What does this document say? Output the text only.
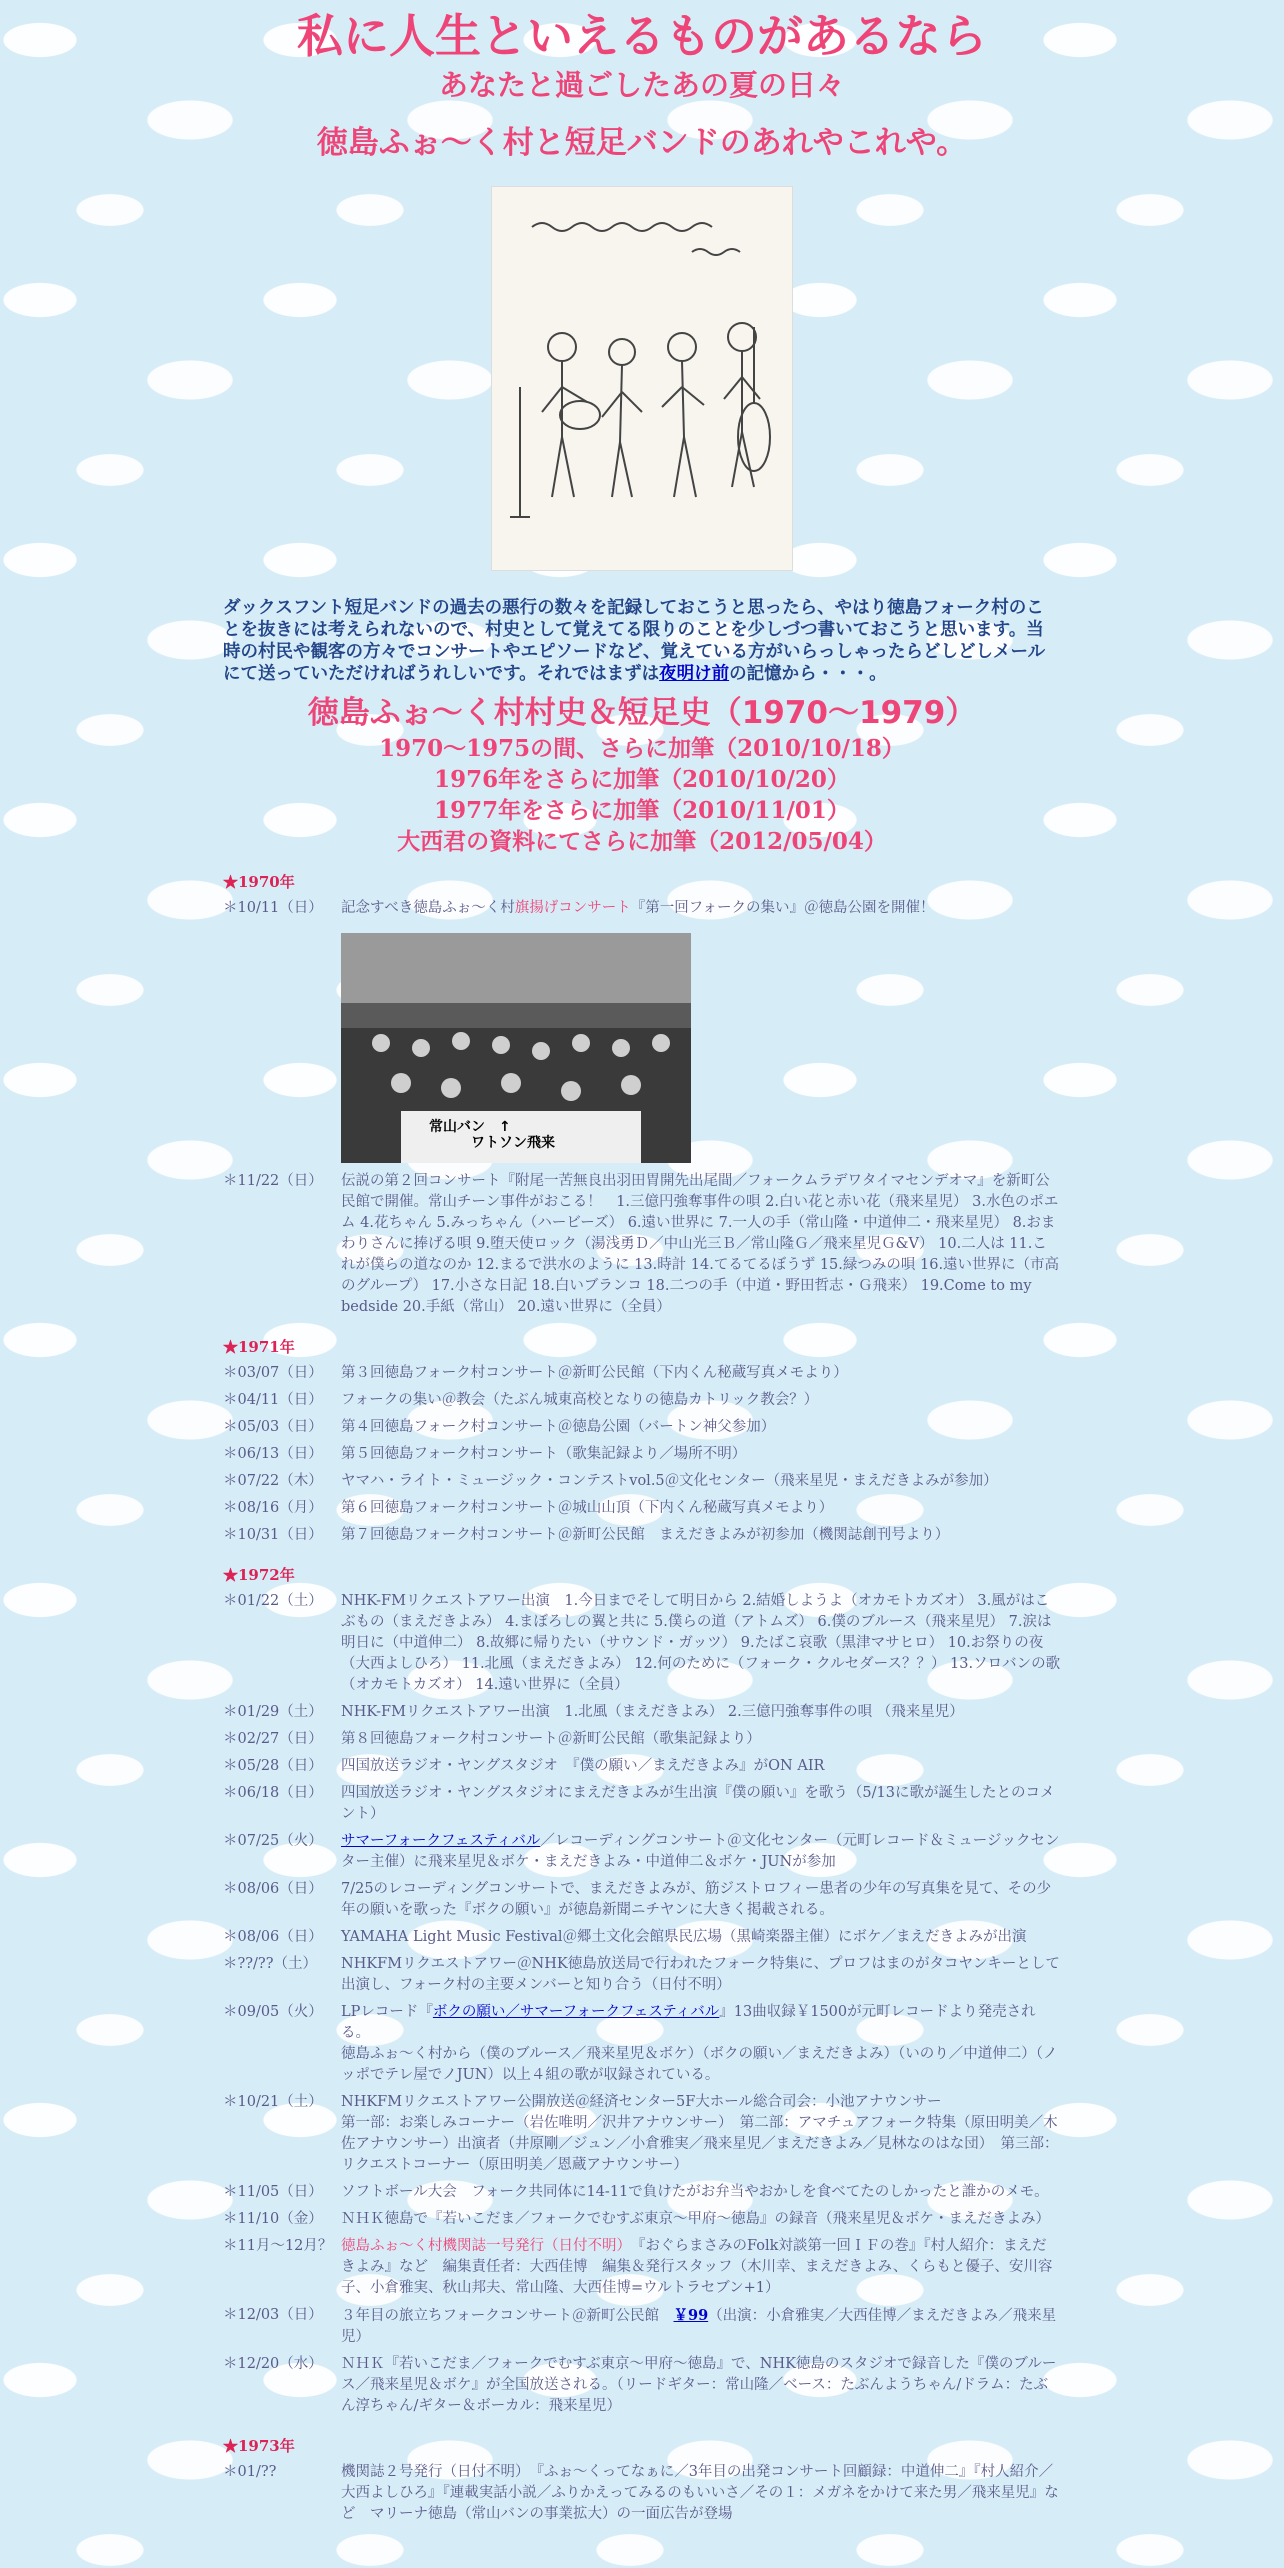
私に人生といえるものがあるなら
あなたと過ごしたあの夏の日々
徳島ふぉ～く村と短足バンドのあれやこれや。
ダックスフント短足バンドの過去の悪行の数々を記録しておこうと思ったら、やはり徳島フォーク村のことを抜きには考えられないので、村史として覚えてる限りのことを少しづつ書いておこうと思います。当時の村民や観客の方々でコンサートやエピソードなど、覚えている方がいらっしゃったらどしどしメールにて送っていただければうれしいです。それではまずは夜明け前の記憶から・・・。
徳島ふぉ～く村村史＆短足史（1970～1979）
1970～1975の間、さらに加筆（2010/10/18）
1976年をさらに加筆（2010/10/20）
1977年をさらに加筆（2010/11/01）
大西君の資料にてさらに加筆（2012/05/04）
★1970年
＊10/11（日）	記念すべき徳島ふぉ～く村旗揚げコンサート『第一回フォークの集い』＠徳島公園を開催！
常山バン　↑
ワトソン飛来

＊11/22（日）	伝説の第２回コンサート『附尾一苦無良出羽田胃開先出尾間／フォークムラデワタイマセンデオマ』を新町公民館で開催。常山チーン事件がおこる！　1.三億円強奪事件の唄 2.白い花と赤い花（飛来星児） 3.水色のポエム 4.花ちゃん 5.みっちゃん（ハービーズ） 6.遠い世界に 7.一人の手（常山隆・中道伸二・飛来星児） 8.おまわりさんに捧げる唄 9.堕天使ロック（湯浅勇Ｄ／中山光三Ｂ／常山隆Ｇ／飛来星児Ｇ&V） 10.二人は 11.これが僕らの道なのか 12.まるで洪水のように 13.時計 14.てるてるぼうず 15.緑つみの唄 16.遠い世界に（市高のグループ） 17.小さな日記 18.白いブランコ 18.二つの手（中道・野田哲志・Ｇ飛来） 19.Come to my bedside 20.手紙（常山） 20.遠い世界に（全員）
★1971年
＊03/07（日）	第３回徳島フォーク村コンサート＠新町公民館（下内くん秘蔵写真メモより）
＊04/11（日）	フォークの集い＠教会（たぶん城東高校となりの徳島カトリック教会？）
＊05/03（日）	第４回徳島フォーク村コンサート＠徳島公園（バートン神父参加）
＊06/13（日）	第５回徳島フォーク村コンサート（歌集記録より／場所不明）
＊07/22（木）	ヤマハ・ライト・ミュージック・コンテストvol.5＠文化センター（飛来星児・まえだきよみが参加）
＊08/16（月）	第６回徳島フォーク村コンサート＠城山山頂（下内くん秘蔵写真メモより）
＊10/31（日）	第７回徳島フォーク村コンサート＠新町公民館　まえだきよみが初参加（機関誌創刊号より）
★1972年
＊01/22（土）	NHK-FMリクエストアワー出演　1.今日までそして明日から 2.結婚しようよ（オカモトカズオ） 3.風がはこぶもの（まえだきよみ） 4.まぼろしの翼と共に 5.僕らの道（アトムズ） 6.僕のブルース（飛来星児） 7.涙は明日に（中道伸二） 8.故郷に帰りたい（サウンド・ガッツ） 9.たばこ哀歌（黒津マサヒロ） 10.お祭りの夜（大西よしひろ） 11.北風（まえだきよみ） 12.何のために（フォーク・クルセダース？？） 13.ソロバンの歌（オカモトカズオ） 14.遠い世界に（全員）
＊01/29（土）	NHK-FMリクエストアワー出演　1.北風（まえだきよみ） 2.三億円強奪事件の唄 （飛来星児）
＊02/27（日）	第８回徳島フォーク村コンサート＠新町公民館（歌集記録より）
＊05/28（日）	四国放送ラジオ・ヤングスタジオ　『僕の願い／まえだきよみ』がON AIR
＊06/18（日）	四国放送ラジオ・ヤングスタジオにまえだきよみが生出演『僕の願い』を歌う（5/13に歌が誕生したとのコメント）
＊07/25（火）	サマーフォークフェスティバル／レコーディングコンサート＠文化センター（元町レコード＆ミュージックセンター主催）に飛来星児＆ボケ・まえだきよみ・中道伸二＆ボケ・JUNが参加
＊08/06（日）	7/25のレコーディングコンサートで、まえだきよみが、筋ジストロフィー患者の少年の写真集を見て、その少年の願いを歌った『ボクの願い』が徳島新聞ニチヤンに大きく掲載される。
＊08/06（日）	YAMAHA Light Music Festival＠郷土文化会館県民広場（黒崎楽器主催）にボケ／まえだきよみが出演
＊??/??（土）	NHKFMリクエストアワー＠NHK徳島放送局で行われたフォーク特集に、プロフはまのがタコヤンキーとして出演し、フォーク村の主要メンバーと知り合う（日付不明）
＊09/05（火）	LPレコード『ボクの願い／サマーフォークフェスティバル』13曲収録￥1500が元町レコードより発売される。
徳島ふぉ～く村から（僕のブルース／飛来星児＆ボケ）（ボクの願い／まえだきよみ）（いのり／中道伸二）（ノッポでテレ屋でノJUN）以上４組の歌が収録されている。
＊10/21（土）	NHKFMリクエストアワー公開放送＠経済センター5F大ホール総合司会：小池アナウンサー
第一部：お楽しみコーナー（岩佐唯明／沢井アナウンサー）　第二部：アマチュアフォーク特集（原田明美／木佐アナウンサー）出演者（井原剛／ジュン／小倉雅実／飛来星児／まえだきよみ／見林なのはな団）　第三部：リクエストコーナー（原田明美／恩蔵アナウンサー）
＊11/05（日）	ソフトボール大会　フォーク共同体に14-11で負けたがお弁当やおかしを食べてたのしかったと誰かのメモ。
＊11/10（金）	ＮＨＫ徳島で『若いこだま／フォークでむすぶ東京～甲府～徳島』の録音（飛来星児＆ボケ・まえだきよみ）
＊11月～12月？	徳島ふぉ～く村機関誌一号発行（日付不明）　『おぐらまさみのFolk対談第一回ＩＦの巻』『村人紹介：まえだきよみ』など　編集責任者：大西佳博　編集＆発行スタッフ（木川幸、まえだきよみ、くらもと優子、安川容子、小倉雅実、秋山邦夫、常山隆、大西佳博=ウルトラセブン+1）
＊12/03（日）	３年目の旅立ちフォークコンサート＠新町公民館　￥99（出演：小倉雅実／大西佳博／まえだきよみ／飛来星児）
＊12/20（水）	ＮＨＫ『若いこだま／フォークでむすぶ東京～甲府～徳島』で、NHK徳島のスタジオで録音した『僕のブルース／飛来星児＆ボケ』が全国放送される。（リードギター：常山隆／ベース：たぶんようちゃん/ドラム：たぶん淳ちゃん/ギター＆ボーカル：飛来星児）
★1973年
＊01/??	機関誌２号発行（日付不明）　『ふぉ～くってなぁに／3年目の出発コンサート回顧録：中道伸二』『村人紹介／大西よしひろ』『連載実話小説／ふりかえってみるのもいいさ／その１：メガネをかけて来た男／飛来星児』など　マリーナ徳島（常山バンの事業拡大）の一面広告が登場
